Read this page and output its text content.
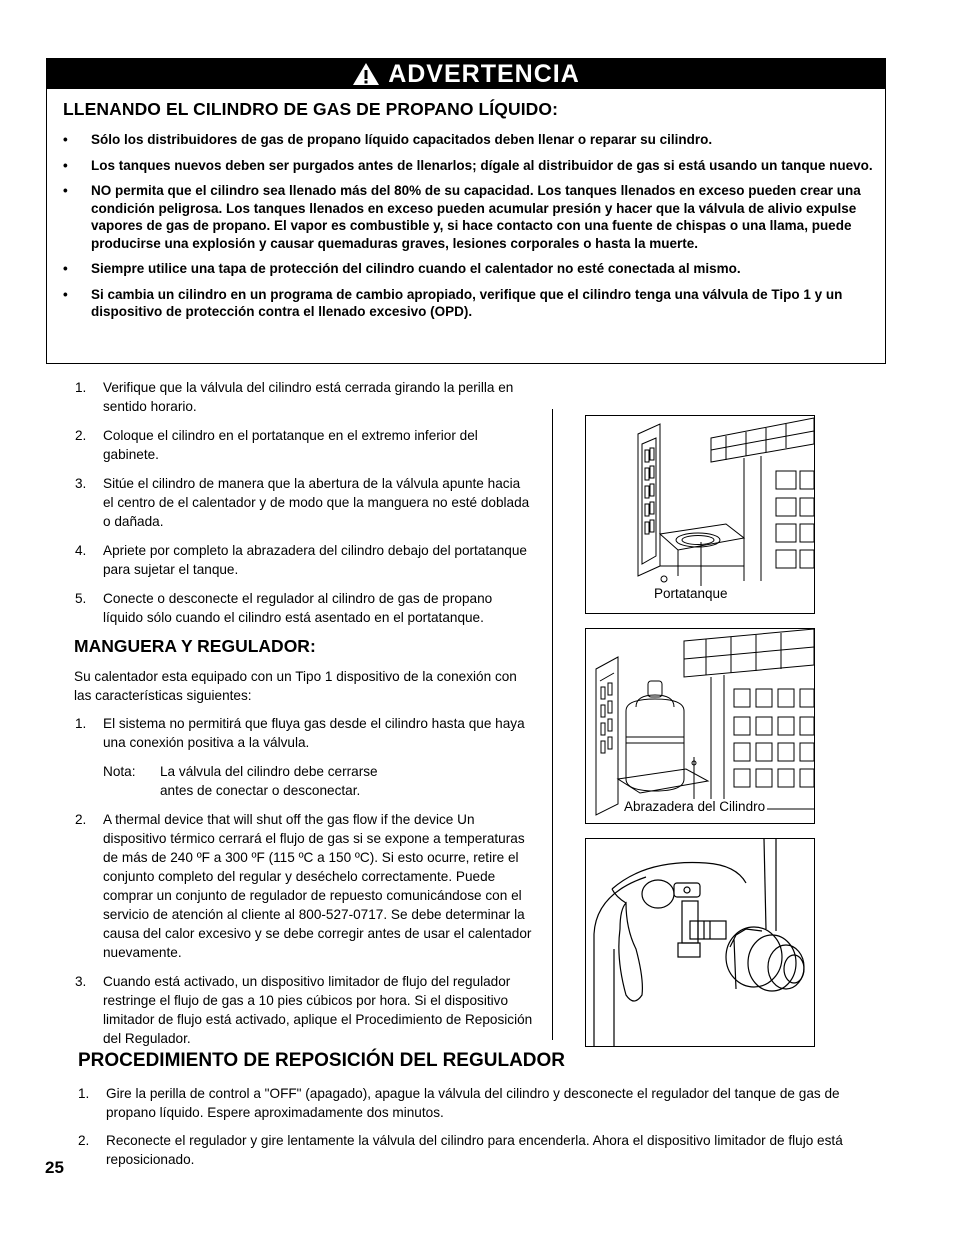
ADVERTENCIA
LLENANDO EL CILINDRO DE GAS DE PROPANO LÍQUIDO:
• Sólo los distribuidores de gas de propano líquido capacitados deben llenar o reparar su cilindro.
• Los tanques nuevos deben ser purgados antes de llenarlos; dígale al distribuidor de gas si está usando un tanque nuevo.
• NO permita que el cilindro sea llenado más del 80% de su capacidad. Los tanques llenados en exceso pueden crear una condición peligrosa. Los tanques llenados en exceso pueden acumular presión y hacer que la válvula de alivio expulse vapores de gas de propano. El vapor es combustible y, si hace contacto con una fuente de chispas o una llama, puede producirse una explosión y causar quemaduras graves, lesiones corporales o hasta la muerte.
• Siempre utilice una tapa de protección del cilindro cuando el calentador no esté conectada al mismo.
• Si cambia un cilindro en un programa de cambio apropiado, verifique que el cilindro tenga una válvula de Tipo 1 y un dispositivo de protección contra el llenado excesivo (OPD).
1. Verifique que la válvula del cilindro está cerrada girando la perilla en sentido horario.
2. Coloque el cilindro en el portatanque en el extremo inferior del gabinete.
3. Sitúe el cilindro de manera que la abertura de la válvula apunte hacia el centro de el calentador y de modo que la manguera no esté doblada o dañada.
4. Apriete por completo la abrazadera del cilindro debajo del portatanque para sujetar el tanque.
5. Conecte o desconecte el regulador al cilindro de gas de propano líquido sólo cuando el cilindro está asentado en el portatanque.
MANGUERA Y REGULADOR:

Su calentador esta equipado con un Tipo 1 dispositivo de la conexión con las características siguientes:

1. El sistema no permitirá que fluya gas desde el cilindro hasta que haya una conexión positiva a la válvula.
Nota:	La válvula del cilindro debe cerrarse antes de conectar o desconectar.
2. A thermal device that will shut off the gas flow if the device Un dispositivo térmico cerrará el flujo de gas si se expone a temperaturas de más de 240 ºF a 300 ºF (115 ºC a 150 ºC). Si esto ocurre, retire el conjunto completo del regular y deséchelo correctamente. Puede comprar un conjunto de regulador de repuesto comunicándose con el servicio de atención al cliente al 800-527-0717. Se debe determinar la causa del calor excesivo y se debe corregir antes de usar el calentador nuevamente.
3. Cuando está activado, un dispositivo limitador de flujo del regulador restringe el flujo de gas a 10 pies cúbicos por hora. Si el dispositivo limitador de flujo está activado, aplique el Procedimiento de Reposición del Regulador.
Portatanque
Abrazadera del Cilindro
PROCEDIMIENTO DE REPOSICIÓN DEL REGULADOR
1. Gire la perilla de control a "OFF" (apagado), apague la válvula del cilindro y desconecte el regulador del tanque de gas de propano líquido. Espere aproximadamente dos minutos.
2. Reconecte el regulador y gire lentamente la válvula del cilindro para encenderla. Ahora el dispositivo limitador de flujo está reposicionado.
25
